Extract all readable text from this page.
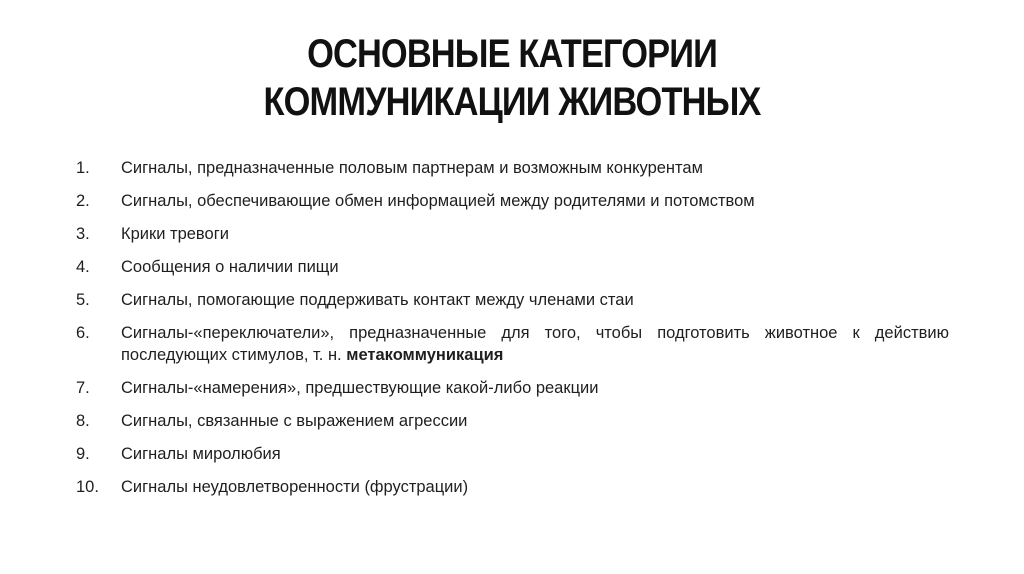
ОСНОВНЫЕ КАТЕГОРИИ
КОММУНИКАЦИИ ЖИВОТНЫХ
1.	Сигналы, предназначенные половым партнерам и возможным конкурентам
2.	Сигналы, обеспечивающие обмен информацией между родителями и потомством
3.	Крики тревоги
4.	Сообщения о наличии пищи
5.	Сигналы, помогающие поддерживать контакт между членами стаи
6.	Сигналы-«переключатели», предназначенные для того, чтобы подготовить животное к действию последующих стимулов, т. н. метакоммуникация
7.	Сигналы-«намерения», предшествующие какой-либо реакции
8.	Сигналы, связанные с выражением агрессии
9.	Сигналы миролюбия
10.	Сигналы неудовлетворенности (фрустрации)
